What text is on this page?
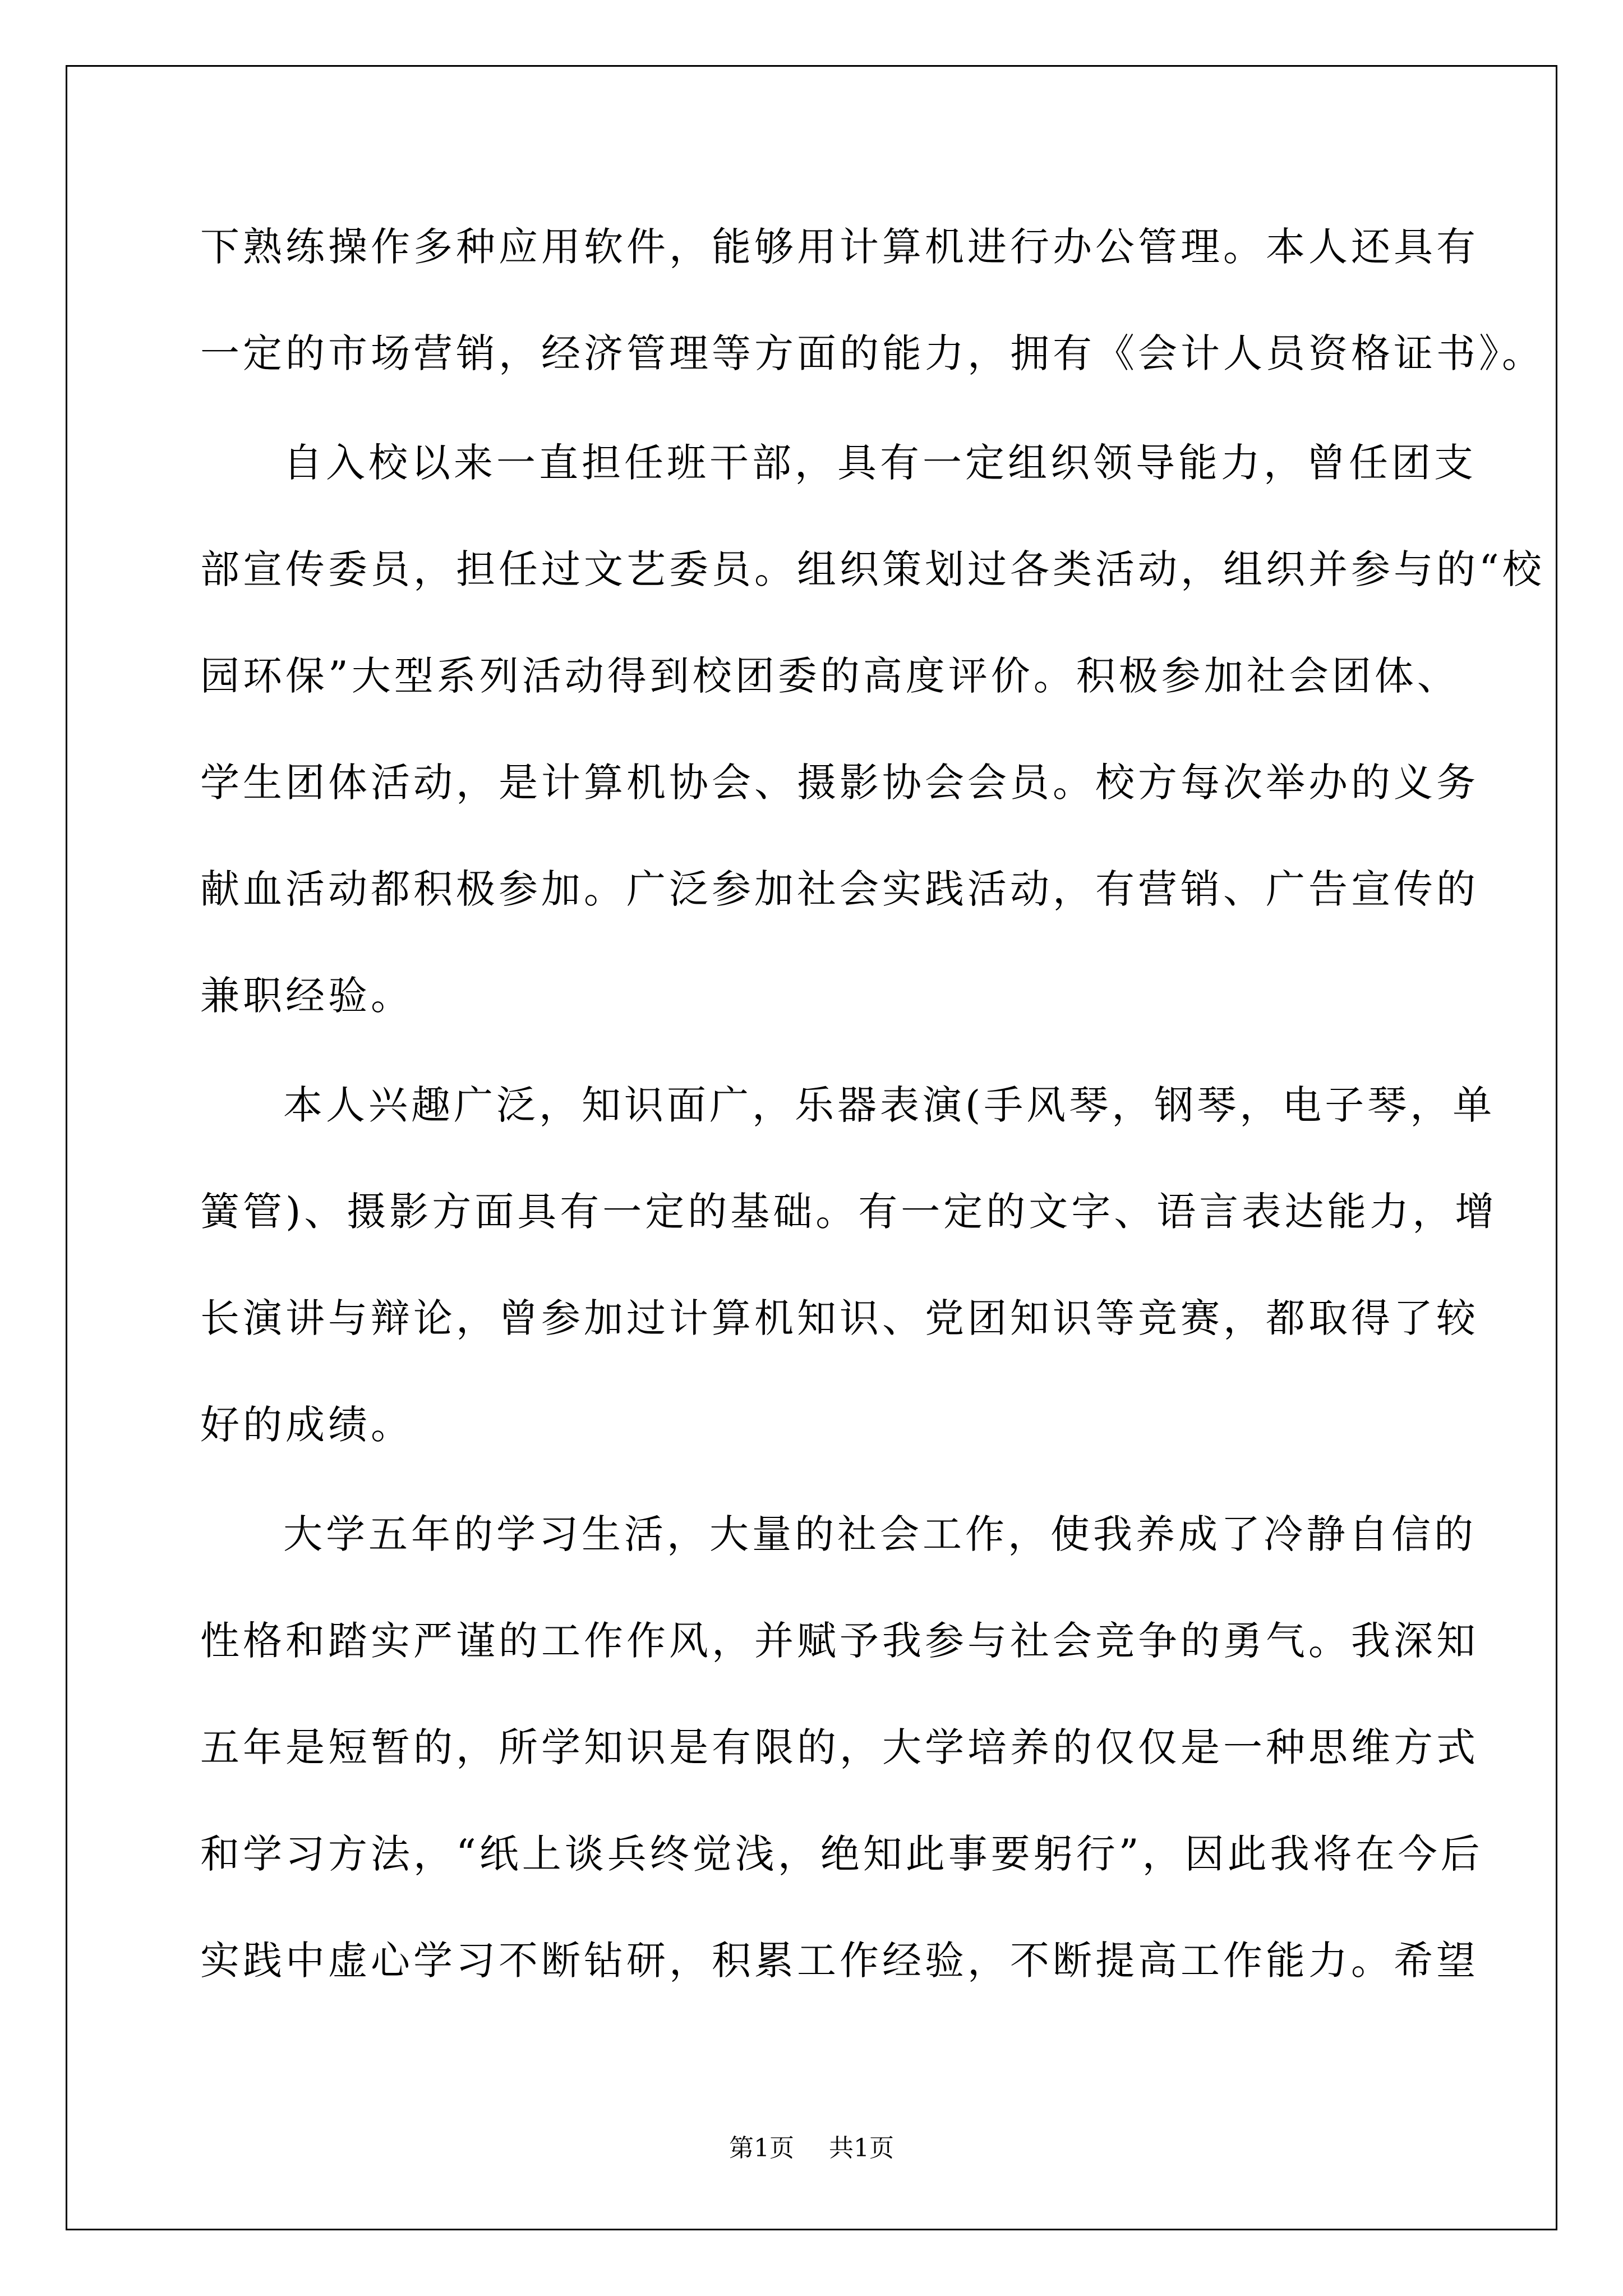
下熟练操作多种应用软件，能够用计算机进行办公管理。本人还具有
一定的市场营销，经济管理等方面的能力，拥有《会计人员资格证书》。
自入校以来一直担任班干部，具有一定组织领导能力，曾任团支
部宣传委员，担任过文艺委员。组织策划过各类活动，组织并参与的“校
园环保”大型系列活动得到校团委的高度评价。积极参加社会团体、
学生团体活动，是计算机协会、摄影协会会员。校方每次举办的义务
献血活动都积极参加。广泛参加社会实践活动，有营销、广告宣传的
兼职经验。
本人兴趣广泛，知识面广，乐器表演(手风琴，钢琴，电子琴，单
簧管)、摄影方面具有一定的基础。有一定的文字、语言表达能力，增
长演讲与辩论，曾参加过计算机知识、党团知识等竞赛，都取得了较
好的成绩。
大学五年的学习生活，大量的社会工作，使我养成了冷静自信的
性格和踏实严谨的工作作风，并赋予我参与社会竞争的勇气。我深知
五年是短暂的，所学知识是有限的，大学培养的仅仅是一种思维方式
和学习方法，“纸上谈兵终觉浅，绝知此事要躬行”，因此我将在今后
实践中虚心学习不断钻研，积累工作经验，不断提高工作能力。希望
第1页 共1页
